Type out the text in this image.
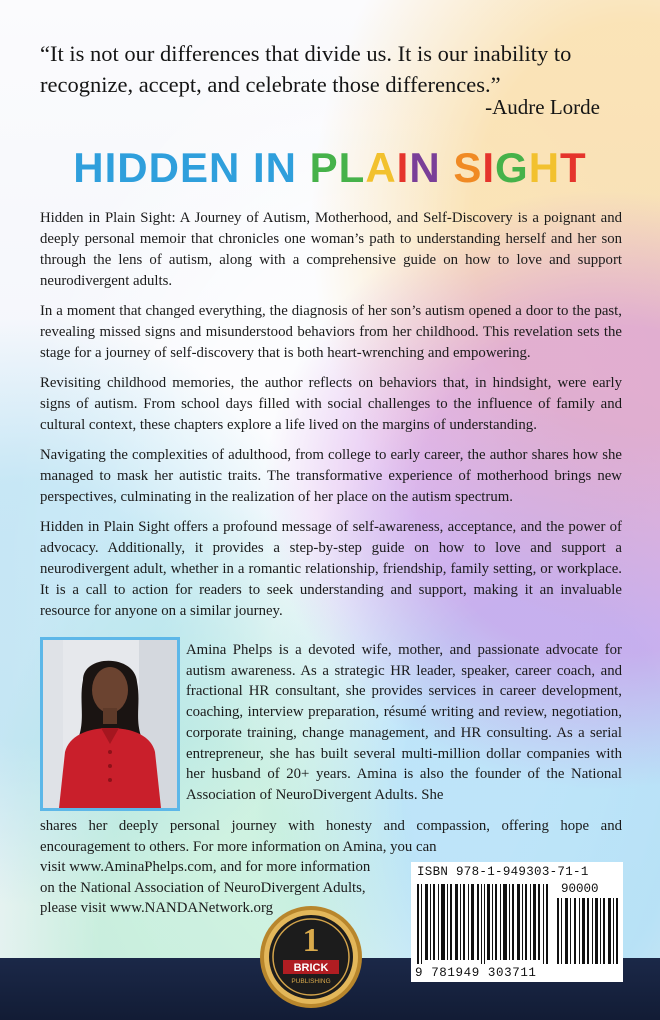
“It is not our differences that divide us. It is our inability to recognize, accept, and celebrate those differences.”
-Audre Lorde
HIDDEN IN PLAIN SIGHT

Hidden in Plain Sight: A Journey of Autism, Motherhood, and Self-Discovery is a poignant and deeply personal memoir that chronicles one woman’s path to understanding herself and her son through the lens of autism, along with a comprehensive guide on how to love and support neurodivergent adults.

In a moment that changed everything, the diagnosis of her son’s autism opened a door to the past, revealing missed signs and misunderstood behaviors from her childhood. This revelation sets the stage for a journey of self-discovery that is both heart-wrenching and empowering.

Revisiting childhood memories, the author reflects on behaviors that, in hindsight, were early signs of autism. From school days filled with social challenges to the influence of family and cultural context, these chapters explore a life lived on the margins of understanding.

Navigating the complexities of adulthood, from college to early career, the author shares how she managed to mask her autistic traits. The transformative experience of motherhood brings new perspectives, culminating in the realization of her place on the autism spectrum.

Hidden in Plain Sight offers a profound message of self-awareness, acceptance, and the power of advocacy. Additionally, it provides a step-by-step guide on how to love and support a neurodivergent adult, whether in a romantic relationship, friendship, family setting, or workplace. It is a call to action for readers to seek understanding and support, making it an invaluable resource for anyone on a similar journey.

Amina Phelps is a devoted wife, mother, and passionate advocate for autism awareness. As a strategic HR leader, speaker, career coach, and fractional HR consultant, she provides services in career development, coaching, interview preparation, résumé writing and review, negotiation, corporate training, change management, and HR consulting. As a serial entrepreneur, she has built several multi-million dollar companies with her husband of 20+ years. Amina is also the founder of the National Association of NeuroDivergent Adults. She
shares her deeply personal journey with honesty and compassion, offering hope and encouragement to others. For more information on Amina, you can
visit www.AminaPhelps.com, and for more information on the National Association of NeuroDivergent Adults, please visit www.NANDANetwork.org
1
BRICK
PUBLISHING
ISBN 978-1-949303-71-1
90000
9 781949 303711
